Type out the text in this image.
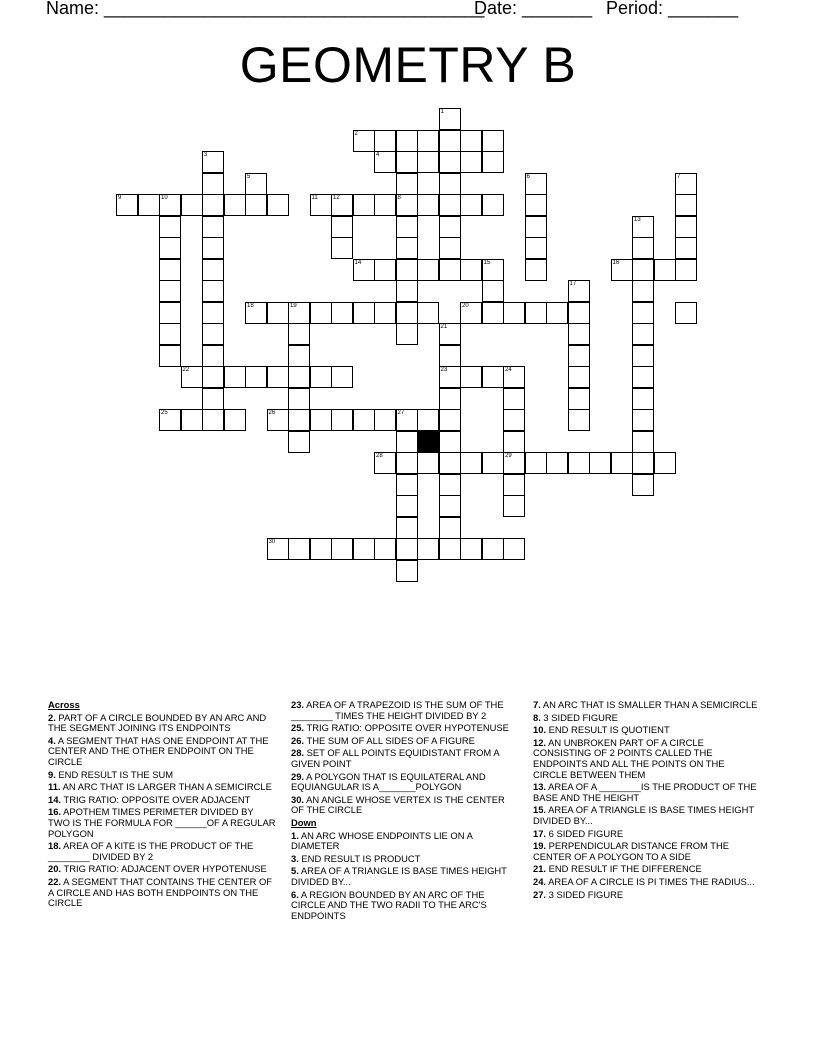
Name: ______________________________________
Date: _______ Period: _______
GEOMETRY B
1
2
3	4
5	6	7
9	10	11	12	8
13
14	15	16
17
18	19	20
21
22	23	24
25	26	27
28	29
30
Across
2. PART OF A CIRCLE BOUNDED BY AN ARC AND THE SEGMENT JOINING ITS ENDPOINTS
4. A SEGMENT THAT HAS ONE ENDPOINT AT THE CENTER AND THE OTHER ENDPOINT ON THE CIRCLE
9. END RESULT IS THE SUM
11. AN ARC THAT IS LARGER THAN A SEMICIRCLE
14. TRIG RATIO: OPPOSITE OVER ADJACENT
16. APOTHEM TIMES PERIMETER DIVIDED BY TWO IS THE FORMULA FOR ______OF A REGULAR POLYGON
18. AREA OF A KITE IS THE PRODUCT OF THE ________ DIVIDED BY 2
20. TRIG RATIO: ADJACENT OVER HYPOTENUSE
22. A SEGMENT THAT CONTAINS THE CENTER OF A CIRCLE AND HAS BOTH ENDPOINTS ON THE CIRCLE
23. AREA OF A TRAPEZOID IS THE SUM OF THE ________ TIMES THE HEIGHT DIVIDED BY 2
25. TRIG RATIO: OPPOSITE OVER HYPOTENUSE
26. THE SUM OF ALL SIDES OF A FIGURE
28. SET OF ALL POINTS EQUIDISTANT FROM A GIVEN POINT
29. A POLYGON THAT IS EQUILATERAL AND EQUIANGULAR IS A_______POLYGON
30. AN ANGLE WHOSE VERTEX IS THE CENTER OF THE CIRCLE
Down
1. AN ARC WHOSE ENDPOINTS LIE ON A DIAMETER
3. END RESULT IS PRODUCT
5. AREA OF A TRIANGLE IS BASE TIMES HEIGHT DIVIDED BY...
6. A REGION BOUNDED BY AN ARC OF THE CIRCLE AND THE TWO RADII TO THE ARC'S ENDPOINTS
7. AN ARC THAT IS SMALLER THAN A SEMICIRCLE
8. 3 SIDED FIGURE
10. END RESULT IS QUOTIENT
12. AN UNBROKEN PART OF A CIRCLE CONSISTING OF 2 POINTS CALLED THE ENDPOINTS AND ALL THE POINTS ON THE CIRCLE BETWEEN THEM
13. AREA OF A ________IS THE PRODUCT OF THE BASE AND THE HEIGHT
15. AREA OF A TRIANGLE IS BASE TIMES HEIGHT DIVIDED BY...
17. 6 SIDED FIGURE
19. PERPENDICULAR DISTANCE FROM THE CENTER OF A POLYGON TO A SIDE
21. END RESULT IF THE DIFFERENCE
24. AREA OF A CIRCLE IS PI TIMES THE RADIUS...
27. 3 SIDED FIGURE
